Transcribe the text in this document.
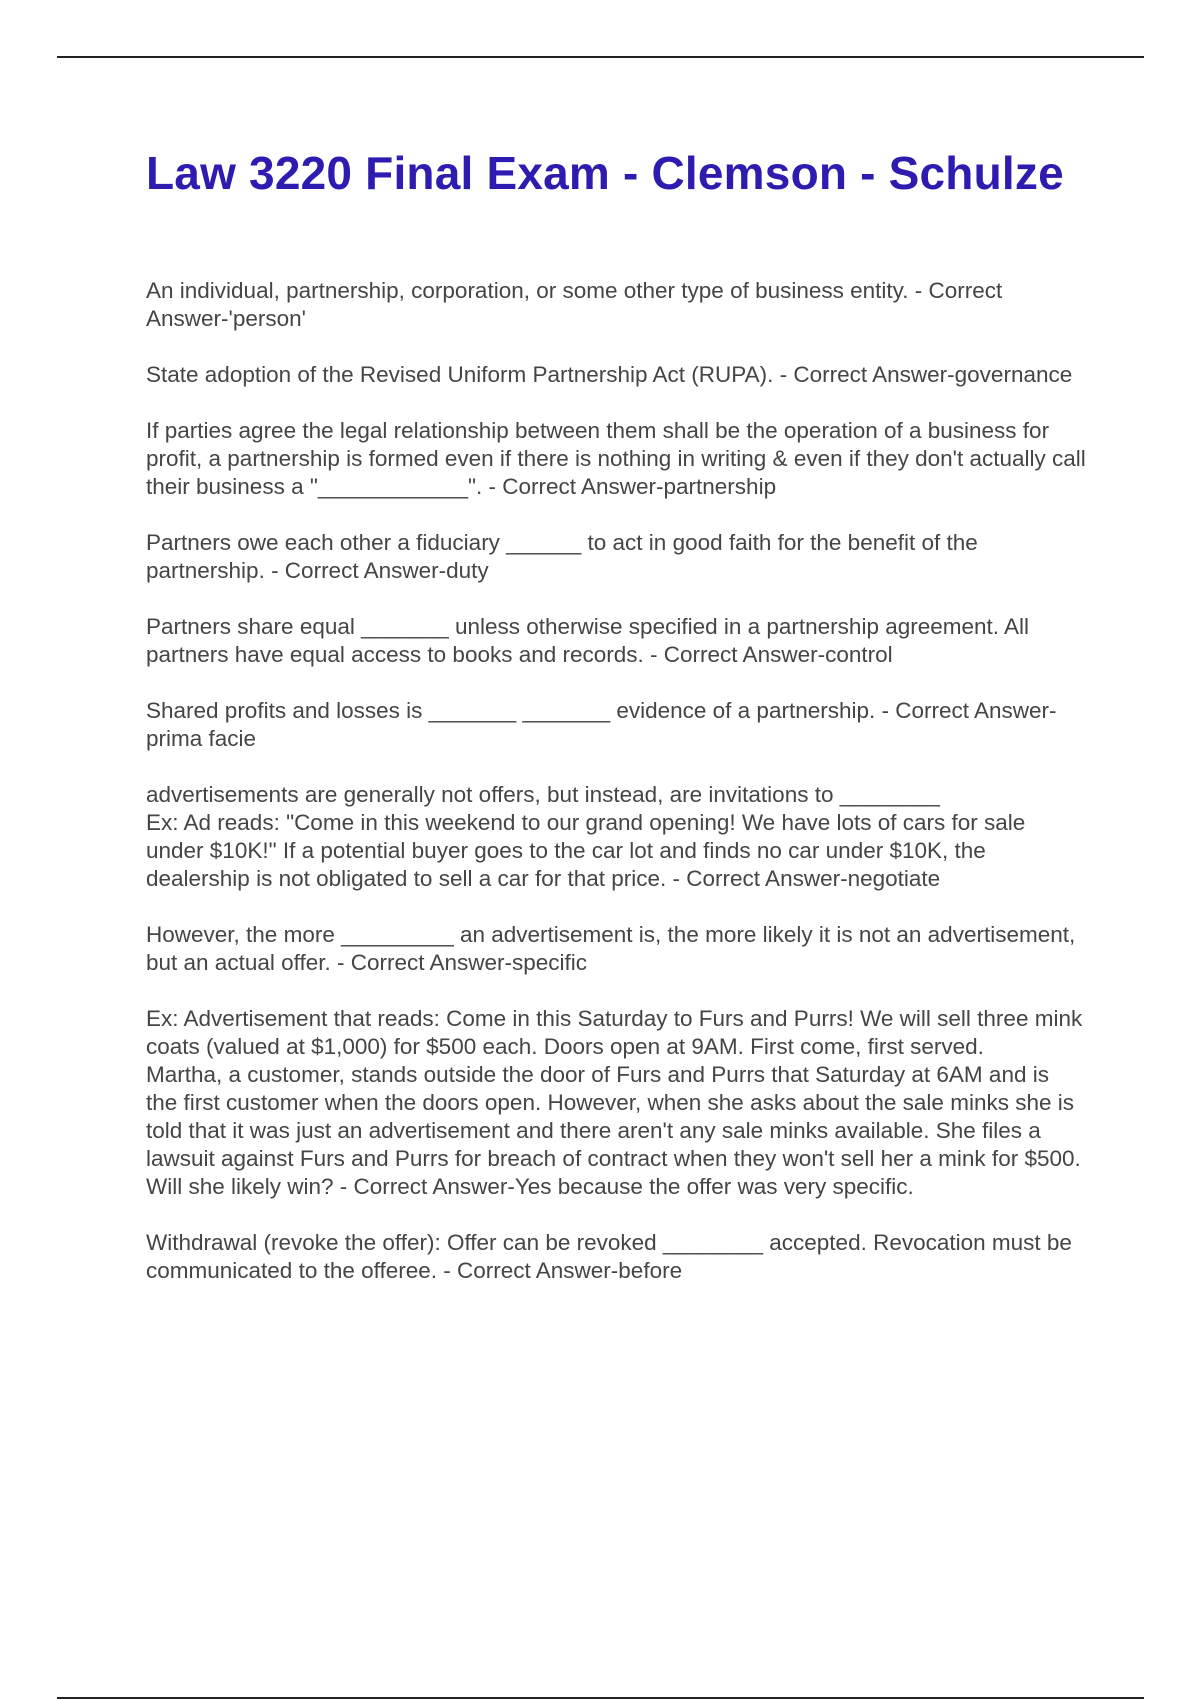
Law 3220 Final Exam - Clemson - Schulze

An individual, partnership, corporation, or some other type of business entity. - Correct Answer-'person'

State adoption of the Revised Uniform Partnership Act (RUPA). - Correct Answer-governance

If parties agree the legal relationship between them shall be the operation of a business for profit, a partnership is formed even if there is nothing in writing & even if they don't actually call their business a "____________". - Correct Answer-partnership

Partners owe each other a fiduciary ______ to act in good faith for the benefit of the partnership. - Correct Answer-duty

Partners share equal _______ unless otherwise specified in a partnership agreement. All partners have equal access to books and records. - Correct Answer-control

Shared profits and losses is _______ _______ evidence of a partnership. - Correct Answer-prima facie

advertisements are generally not offers, but instead, are invitations to ________
Ex: Ad reads: "Come in this weekend to our grand opening! We have lots of cars for sale under $10K!" If a potential buyer goes to the car lot and finds no car under $10K, the dealership is not obligated to sell a car for that price. - Correct Answer-negotiate

However, the more _________ an advertisement is, the more likely it is not an advertisement, but an actual offer. - Correct Answer-specific

Ex: Advertisement that reads: Come in this Saturday to Furs and Purrs! We will sell three mink coats (valued at $1,000) for $500 each. Doors open at 9AM. First come, first served.
Martha, a customer, stands outside the door of Furs and Purrs that Saturday at 6AM and is the first customer when the doors open. However, when she asks about the sale minks she is told that it was just an advertisement and there aren't any sale minks available. She files a lawsuit against Furs and Purrs for breach of contract when they won't sell her a mink for $500. Will she likely win? - Correct Answer-Yes because the offer was very specific.

Withdrawal (revoke the offer): Offer can be revoked ________ accepted. Revocation must be communicated to the offeree. - Correct Answer-before
